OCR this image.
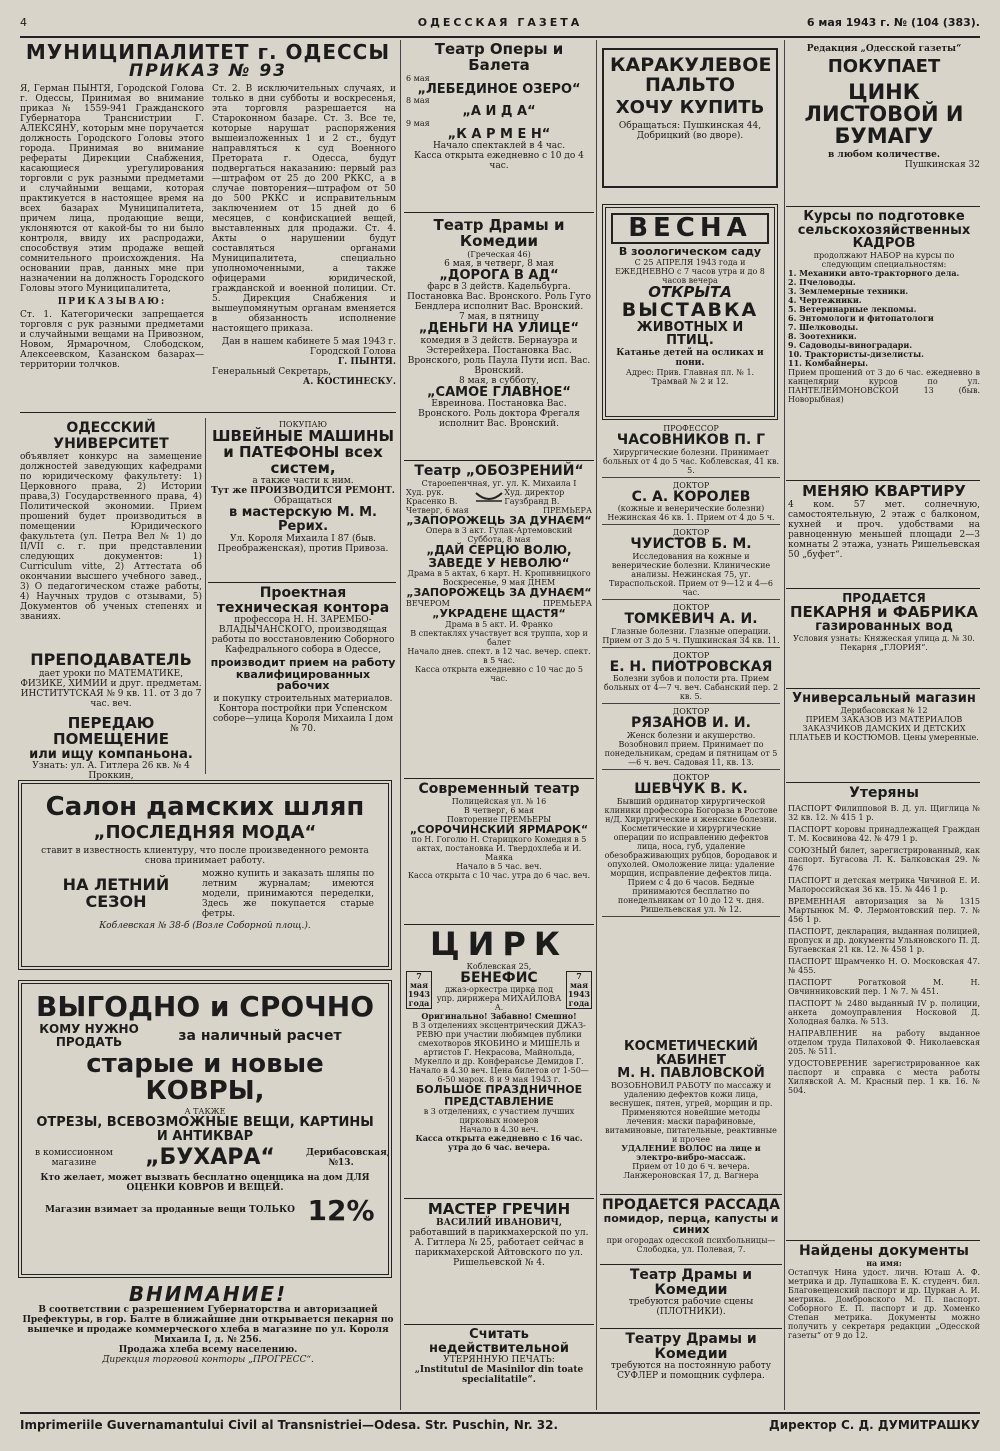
4	ОДЕССКАЯ ГАЗЕТА	6 мая 1943 г. № (104 (383).
МУНИЦИПАЛИТЕТ г. ОДЕССЫ
ПРИКАЗ № 93
Я, Герман ПЫНТЯ, Городской Голова г. Одессы, Принимая во внимание приказ № 1559-941 Гражданского Губернатора Транснистрии Г. АЛЕКСЯНУ, которым мне поручается должность Городского Головы этого города. Принимая во внимание рефераты Дирекции Снабжения, касающиеся урегулирования торговли с рук разными предметами и случайными вещами, которая практикуется в настоящее время на всех базарах Муниципалитета, причем лица, продающие вещи, уклоняются от какой-бы то ни было контроля, ввиду их распродажи, способствуя этим продаже вещей сомнительного происхождения. На основании прав, данных мне при назначении на должность Городского Головы этого Муниципалитета,
ПРИКАЗЫВАЮ:
Ст. 1. Категорически запрещается торговля с рук разными предметами и случайными вещами на Привозном, Новом, Ярмарочном, Слободском, Алексеевском, Казанском базарах—территории толчков.
Ст. 2. В исключительных случаях, и только в дни субботы и воскресенья, эта торговля разрешается на Староконном базаре. Ст. 3. Все те, которые нарушат распоряжения вышеизложенных 1 и 2 ст., будут направляться к суд Военного Претората г. Одесса, будут подвергаться наказанию: первый раз—штрафом от 25 до 200 РККС, а в случае повторения—штрафом от 50 до 500 РККС и исправительным заключением от 15 дней до 6 месяцев, с конфискацией вещей, выставленных для продажи. Ст. 4. Акты о нарушении будут составляться органами Муниципалитета, специально уполномоченными, а также офицерами юридической, гражданской и военной полиции. Ст. 5. Дирекция Снабжения и вышеупомянутым органам вменяется в обязанность исполнение настоящего приказа.
Дан в нашем кабинете 5 мая 1943 г.
Городской Голова
Г. ПЫНТЯ.
Генеральный Секретарь,
А. КОСТИНЕСКУ.
ОДЕССКИЙ УНИВЕРСИТЕТ
объявляет конкурс на замещение должностей заведующих кафедрами по юридическому факультету: 1) Церковного права, 2) Истории права,3) Государственного права, 4) Политической экономии. Прием прошений будет производиться в помещении Юридического факультета (ул. Петра Вел № 1) до II/VII с. г. при представлении следующих документов: 1) Curriculum vitte, 2) Аттестата об окончании высшего учебного завед., 3) О педагогическом стаже работы, 4) Научных трудов с отзывами, 5) Документов об ученых степенях и званиях.
ПРЕПОДАВАТЕЛЬ
дает уроки по МАТЕМАТИКЕ, ФИЗИКЕ, ХИМИИ и друг. предметам. ИНСТИТУТСКАЯ № 9 кв. 11. от 3 до 7 час. веч.
ПЕРЕДАЮ ПОМЕЩЕНИЕ
или ищу компаньона.
Узнать: ул. А. Гитлера 26 кв. № 4 Проккин,
ПОКУПАЮ
ШВЕЙНЫЕ МАШИНЫ и ПАТЕФОНЫ всех систем,
а также части к ним.
Тут же ПРОИЗВОДИТСЯ РЕМОНТ.
Обращаться
в мастерскую М. М. Рерих.
Ул. Короля Михаила I 87 (быв. Преображенская), против Привоза.
Проектная техническая контора
профессора Н. Н. ЗАРЕМБО-ВЛАДЫЧАНСКОГО, производящая работы по восстановлению Соборного Кафедрального собора в Одессе,
производит прием на работу квалифицированных рабочих
и покупку строительных материалов.
Контора постройки при Успенском соборе—улица Короля Михаила I дом № 70.
Салон дамских шляп
„ПОСЛЕДНЯЯ МОДА“
ставит в известность клиентуру, что после произведенного ремонта снова принимает работу.
НА ЛЕТНИЙ СЕЗОН
можно купить и заказать шляпы по летним журналам; имеются модели, принимаются переделки, Здесь же покупается старые фетры.
Коблевская № 38-б (Возле Соборной площ.).
ВЫГОДНО и СРОЧНО
КОМУ НУЖНО ПРОДАТЬ	за наличный расчет
старые и новые КОВРЫ,
А ТАКЖЕ
ОТРЕЗЫ, ВСЕВОЗМОЖНЫЕ ВЕЩИ, КАРТИНЫ И АНТИКВАР
в комиссионном магазине	„БУХАРА“	Дерибасовская, №13.
Кто желает, может вызвать бесплатно оценщика на дом ДЛЯ ОЦЕНКИ КОВРОВ И ВЕЩЕЙ.
Магазин взимает за проданные вещи ТОЛЬКО 12%
ВНИМАНИЕ!
В соответствии с разрешением Губернаторства и авторизацией Префектуры, в гор. Балте в ближайшие дни открывается пекарня по выпечке и продаже коммерческого хлеба в магазине по ул. Короля Михаила I, д. № 256.
Продажа хлеба всему населению.
Дирекция торговой конторы „ПРОГРЕСС“.
Театр Оперы и Балета
6 мая
„ЛЕБЕДИНОЕ ОЗЕРО“
8 мая
„А И Д А“
9 мая
„К А Р М Е Н“
Начало спектаклей в 4 час.
Касса открыта ежедневно с 10 до 4 час.
Театр Драмы и Комедии
(Греческая 46)
6 мая, в четверг, 8 мая
„ДОРОГА В АД“
фарс в 3 действ. Кадельбурга. Постановка Вас. Вронского. Роль Гуго Бендлера исполнит Вас. Вронский.
7 мая, в пятницу
„ДЕНЬГИ НА УЛИЦЕ“
комедия в 3 действ. Бернауэра и Эстерейхера. Постановка Вас. Вронского, роль Паула Пути исп. Вас. Вронский.
8 мая, в субботу,
„САМОЕ ГЛАВНОЕ“
Евреинова. Постановка Вас. Вронского. Роль доктора Фрегаля исполнит Вас. Вронский.
Театр „ОБОЗРЕНИЙ“
Староепенчная, уг. ул. К. Михаила I
Худ. рук. Красенко В.
Худ. директор Гаузбранд В.
Четверг, 6 мая	ПРЕМЬЕРА
„ЗАПОРОЖЕЦЬ ЗА ДУНАЄМ“
Опера в 3 акт. Гулак-Артемовский
Суббота, 8 мая
„ДАЙ СЕРЦЮ ВОЛЮ, ЗАВЕДЕ У НЕВОЛЮ“
Драма в 5 актах, 6 карт. Н. Кропивницкого
Воскресенье, 9 мая ДНЕМ
„ЗАПОРОЖЕЦЬ ЗА ДУНАЄМ“
ВЕЧЕРОМ	ПРЕМЬЕРА
„УКРАДЕНЕ ЩАСТЯ“
Драма в 5 акт. И. Франко
В спектаклях участвует вся труппа, хор и балет
Начало днев. спект. в 12 час. вечер. спект. в 5 час.
Касса открыта ежедневно с 10 час до 5 час.
Современный театр
Полицейская ул. № 16
В четверг, 6 мая
Повторение ПРЕМЬЕРЫ
„СОРОЧИНСКИЙ ЯРМАРОК“
по Н. Гоголю Н. Старицкого Комедия в 5 актах, постановка И. Твердохлеба и И. Маяка
Начало в 5 час. веч.
Касса открыта с 10 час. утра до 6 час. веч.
ЦИРК
Коблевская 25,
7 мая 1943 года
БЕНЕФИС
джаз-оркестра цирка под упр. дирижера МИХАЙЛОВА А.
7 мая 1943 года
Оригинально! Забавно! Смешно!
В 3 отделениях эксцентрический ДЖАЗ-РЕВЮ при участии любимцев публики смехотворов ЯКОБИНО и МИШЕЛЬ и артистов Г. Некрасова, Майнольда, Мукелло и др. Конферансье Демидов Г. Начало в 4.30 веч. Цена билетов от 1-50—6-50 марок. 8 и 9 мая 1943 г.
БОЛЬШОЕ ПРАЗДНИЧНОЕ ПРЕДСТАВЛЕНИЕ
в 3 отделениях, с участием лучших цирковых номеров
Начало в 4.30 веч.
Касса открыта ежедневно с 16 час. утра до 6 час. вечера.
МАСТЕР ГРЕЧИН
ВАСИЛИЙ ИВАНОВИЧ,
работавший в парикмахерской по ул. А. Гитлера № 25, работает сейчас в парикмахерской Айтовского по ул. Ришельевской № 4.
Считать недействительной
УТЕРЯННУЮ ПЕЧАТЬ:
„Institutul de Masinilor din toate specialitatile“.
КАРАКУЛЕВОЕ ПАЛЬТО
ХОЧУ КУПИТЬ
Обращаться: Пушкинская 44, Добрицкий (во дворе).
ВЕСНА
В зоологическом саду
С 25 АПРЕЛЯ 1943 года и ЕЖЕДНЕВНО с 7 часов утра и до 8 часов вечера
ОТКРЫТА
ВЫСТАВКА
ЖИВОТНЫХ И ПТИЦ.
Катанье детей на осликах и пони.
Адрес: Прив. Главная пл. № 1. Трамвай № 2 и 12.
ПРОФЕССОР
ЧАСОВНИКОВ П. Г
Хирургические болезни. Принимает больных от 4 до 5 час. Коблевская, 41 кв. 5.
ДОКТОР
С. А. КОРОЛЕВ
(кожные и венерические болезни) Нежинская 46 кв. 1. Прием от 4 до 5 ч.
ДОКТОР
ЧУИСТОВ Б. М.
Исследования на кожные и венерические болезни. Клинические анализы. Нежинская 75, уг. Тираспольской. Прием от 9—12 и 4—6 час.
ДОКТОР
ТОМКЕВИЧ А. И.
Глазные болезни. Глазные операции. Прием от 3 до 5 ч. Пушкинская 34 кв. 11.
ДОКТОР
Е. Н. ПИОТРОВСКАЯ
Болезни зубов и полости рта. Прием больных от 4—7 ч. веч. Сабанский пер. 2 кв. 5.
ДОКТОР
РЯЗАНОВ И. И.
Женск болезни и акушерство. Возобновил прием. Принимает по понедельникам, средам и пятницам от 5—6 ч. веч. Садовая 11, кв. 13.
ДОКТОР
ШЕВЧУК В. К.
Бывший ординатор хирургической клиники профессора Богораза в Ростове н/Д. Хирургические и женские болезни. Косметические и хирургические операции по исправлению дефектов лица, носа, губ, удаление обезображивающих рубцов, бородавок и опухолей. Омоложение лица: удаление морщин, исправление дефектов лица. Прием с 4 до 6 часов. Бедные принимаются бесплатно по понедельникам от 10 до 12 ч. дня. Ришельевская ул. № 12.
КОСМЕТИЧЕСКИЙ КАБИНЕТ
М. Н. ПАВЛОВСКОЙ
ВОЗОБНОВИЛ РАБОТУ по массажу и удалению дефектов кожи лица, веснушек, пятен, угрей, морщин и пр. Применяются новейшие методы лечения: маски парафиновые, витаминовые, питательные, реактивные и прочее
УДАЛЕНИЕ ВОЛОС на лице и электро-вибро-массаж.
Прием от 10 до 6 ч. вечера. Ланжероновская 17, д. Вагнера
ПРОДАЕТСЯ РАССАДА
помидор, перца, капусты и синих
при огородах одесской психбольницы—Слободка, ул. Полевая, 7.
Театр Драмы и Комедии
требуются рабочие сцены (ПЛОТНИКИ).
Театру Драмы и Комедии
требуются на постоянную работу СУФЛЕР и помощник суфлера.
Редакция „Одесской газеты“
ПОКУПАЕТ
ЦИНК ЛИСТОВОЙ И БУМАГУ
в любом количестве.
Пушкинская 32
Курсы по подготовке сельскохозяйственных КАДРОВ
продолжают НАБОР на курсы по следующим специальностям:
1. Механики авто-тракторного дела.
2. Пчеловоды.
3. Землемерные техники.
4. Чертежники.
5. Ветеринарные лекпомы.
6. Энтомологи и фитопатологи
7. Шелководы.
8. Зоотехники.
9. Садоводы-виноградари.
10. Трактористы-дизелисты.
11. Комбайнеры.
Прием прошений от 3 до 6 час. ежедневно в канцелярии курсов по ул. ПАНТЕЛЕЙМОНОВСКОЙ 13 (быв. Новорыбная)
МЕНЯЮ КВАРТИРУ
4 ком. 57 мет. солнечную, самостоятельную, 2 этаж с балконом, кухней и проч. удобствами на равноценную меньшей площади 2—3 комнаты 2 этажа, узнать Ришельевская 50 „буфет“.
ПРОДАЕТСЯ
ПЕКАРНЯ и ФАБРИКА
газированных вод
Условия узнать: Княжеская улица д. № 30. Пекарня „ГЛОРИЯ“.
Универсальный магазин
Дерибасовская № 12
ПРИЕМ ЗАКАЗОВ ИЗ МАТЕРИАЛОВ ЗАКАЗЧИКОВ ДАМСКИХ И ДЕТСКИХ ПЛАТЬЕВ И КОСТЮМОВ. Цены умеренные.
Утеряны
ПАСПОРТ Филипповой В. Д. ул. Щиглица № 32 кв. 12. № 415 1 р.
ПАСПОРТ коровы принадлежащей Граждан Т. М. Косвинова 42. № 479 1 р.
СОЮЗНЫЙ билет, зарегистрированный, как паспорт. Бугасова Л. К. Балковская 29. № 476
ПАСПОРТ и детская метрика Чичиной Е. И. Малороссийская 36 кв. 15. № 446 1 р.
ВРЕМЕННАЯ авторизация за № 1315 Мартынюк М. Ф. Лермонтовский пер. 7. № 456 1 р.
ПАСПОРТ, декларация, выданная полицией, пропуск и др. документы Ульяновского П. Д. Бугаевская 21 кв. 12. № 458 1 р.
ПАСПОРТ Шрамченко Н. О. Московская 47. № 455.
ПАСПОРТ Рогатковой М. Н. Овчинниковский пер. 1 № 7. № 451.
ПАСПОРТ № 2480 выданный IV р. полиции, анкета домоуправления Носковой Д. Холодная балка. № 513.
НАПРАВЛЕНИЕ на работу выданное отделом труда Пилаховой Ф. Николаевская 205. № 511.
УДОСТОВЕРЕНИЕ зарегистрированное как паспорт и справка с места работы Хилявской А. М. Красный пер. 1 кв. 16. № 504.
Найдены документы
на имя:
Остапчук Нина удост. личн. Юташ А. Ф. метрика и др. Лупашкова Е. К. студенч. бил. Благовещенский паспорт и др. Цуркан А. И. метрика. Домбровского М. П. паспорт. Соборного Е. П. паспорт и др. Хоменко Степан метрика. Документы можно получить у секретаря редакции „Одесской газеты“ от 9 до 12.
Imprimeriile Guvernamantului Civil al Transnistriei—Odesa. Str. Puschin, Nr. 32.	Директор С. Д. ДУМИТРАШКУ
